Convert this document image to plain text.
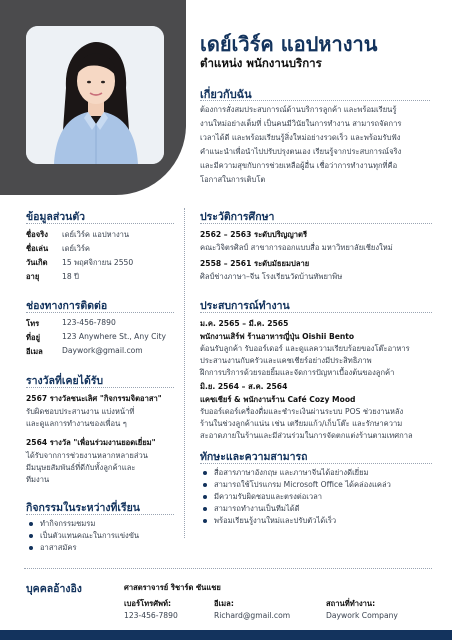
เดย์เวิร์ค แอปหางาน
ตำแหน่ง พนักงานบริการ
เกี่ยวกับฉัน
ต้องการสั่งสมประสบการณ์ด้านบริการลูกค้า และพร้อมเรียนรู้
งานใหม่อย่างเต็มที่ เป็นคนมีวินัยในการทำงาน สามารถจัดการ
เวลาได้ดี และพร้อมเรียนรู้สิ่งใหม่อย่างรวดเร็ว และพร้อมรับฟัง
คำแนะนำเพื่อนำไปปรับปรุงตนเอง เรียนรู้จากประสบการณ์จริง
และมีความสุขกับการช่วยเหลือผู้อื่น เชื่อว่าการทำงานทุกที่คือ
โอกาสในการเติบโต
ข้อมูลส่วนตัว
ชื่อจริง เดย์เวิร์ค แอปหางาน
ชื่อเล่น เดย์เวิร์ค
วันเกิด 15 พฤศจิกายน 2550
อายุ	18 ปี
ช่องทางการติดต่อ
โทร	123-456-7890
ที่อยู่	123 Anywhere St., Any City
อีเมล	Daywork@gmail.com
รางวัลที่เคยได้รับ
2567 รางวัลชนะเลิศ "กิจกรรมจิตอาสา"
รับผิดชอบประสานงาน แบ่งหน้าที่
และดูแลการทำงานของเพื่อน ๆ
2564 รางวัล "เพื่อนร่วมงานยอดเยี่ยม"
ได้รับจากการช่วยงานหลากหลายส่วน
มีมนุษยสัมพันธ์ที่ดีกับทั้งลูกค้าและ
ทีมงาน
กิจกรรมในระหว่างที่เรียน
ทำกิจกรรมชมรม
เป็นตัวแทนคณะในการแข่งขัน
อาสาสมัคร
ประวัติการศึกษา
2562 – 2563 ระดับปริญญาตรี
คณะวิจิตรศิลป์ สาขาการออกแบบสื่อ มหาวิทยาลัยเชียงใหม่
2558 – 2561 ระดับมัธยมปลาย
ศิลป์ช่างภาษา–จีน โรงเรียนวัดบ้านทัพยาพิษ
ประสบการณ์ทำงาน
ม.ค. 2565 – มี.ค. 2565
พนักงานเสิร์ฟ ร้านอาหารญี่ปุ่น Oishii Bento
ต้อนรับลูกค้า รับออร์เดอร์ และดูแลความเรียบร้อยของโต๊ะอาหาร
ประสานงานกับครัวและแคชเชียร์อย่างมีประสิทธิภาพ
ฝึกการบริการด้วยรอยยิ้มและจัดการปัญหาเบื้องต้นของลูกค้า
มิ.ย. 2564 – ส.ค. 2564
แคชเชียร์ & พนักงานร้าน Café Cozy Mood
รับออร์เดอร์เครื่องดื่มและชำระเงินผ่านระบบ POS ช่วยงานหลัง
ร้านในช่วงลูกค้าแน่น เช่น เตรียมแก้ว/เก็บโต๊ะ และรักษาความ
สะอาดภายในร้านและมีส่วนร่วมในการจัดตกแต่งร้านตามเทศกาล
ทักษะและความสามารถ
สื่อสารภาษาอังกฤษ และภาษาจีนได้อย่างดีเยี่ยม
สามารถใช้โปรแกรม Microsoft Office ได้คล่องแคล่ว
มีความรับผิดชอบและตรงต่อเวลา
สามารถทำงานเป็นทีมได้ดี
พร้อมเรียนรู้งานใหม่และปรับตัวได้เร็ว
บุคคลอ้างอิง	ศาสตราจารย์ ริชาร์ด ซันแชย
เบอร์โทรศัพท์:
123-456-7890
อีเมล:
Richard@gmail.com
สถานที่ทำงาน:
Daywork Company
